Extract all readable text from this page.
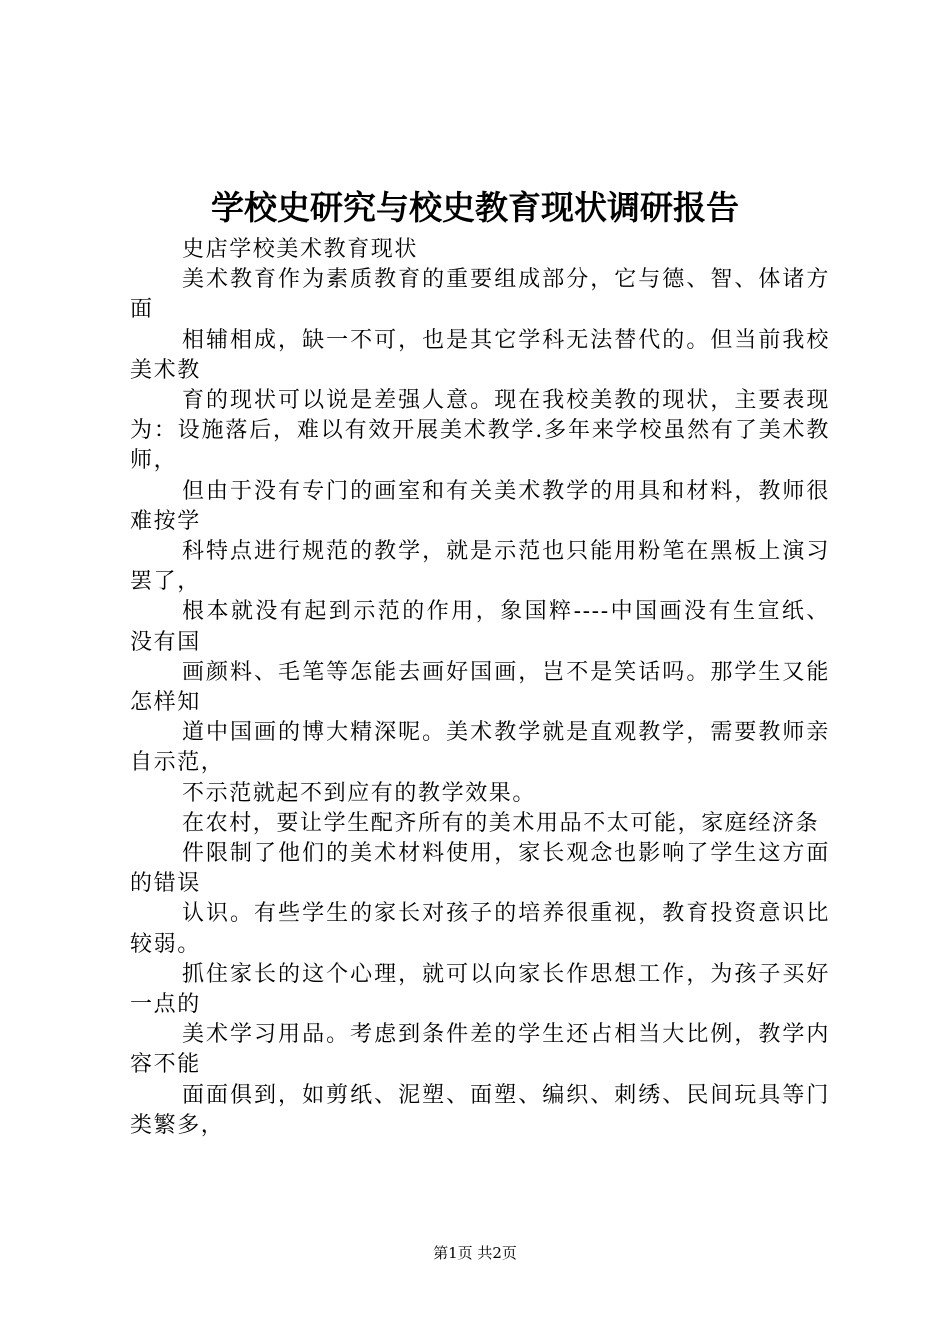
学校史研究与校史教育现状调研报告

史店学校美术教育现状

美术教育作为素质教育的重要组成部分，它与德、智、体诸方面

相辅相成，缺一不可，也是其它学科无法替代的。但当前我校美术教

育的现状可以说是差强人意。现在我校美教的现状，主要表现为：设施落后，难以有效开展美术教学.多年来学校虽然有了美术教师，

但由于没有专门的画室和有关美术教学的用具和材料，教师很难按学

科特点进行规范的教学，就是示范也只能用粉笔在黑板上演习罢了，

根本就没有起到示范的作用，象国粹----中国画没有生宣纸、没有国

画颜料、毛笔等怎能去画好国画，岂不是笑话吗。那学生又能怎样知

道中国画的博大精深呢。美术教学就是直观教学，需要教师亲自示范，

不示范就起不到应有的教学效果。

在农村，要让学生配齐所有的美术用品不太可能，家庭经济条

件限制了他们的美术材料使用，家长观念也影响了学生这方面的错误

认识。有些学生的家长对孩子的培养很重视，教育投资意识比较弱。

抓住家长的这个心理，就可以向家长作思想工作，为孩子买好一点的

美术学习用品。考虑到条件差的学生还占相当大比例，教学内容不能

面面俱到，如剪纸、泥塑、面塑、编织、刺绣、民间玩具等门类繁多，

第1页 共2页
